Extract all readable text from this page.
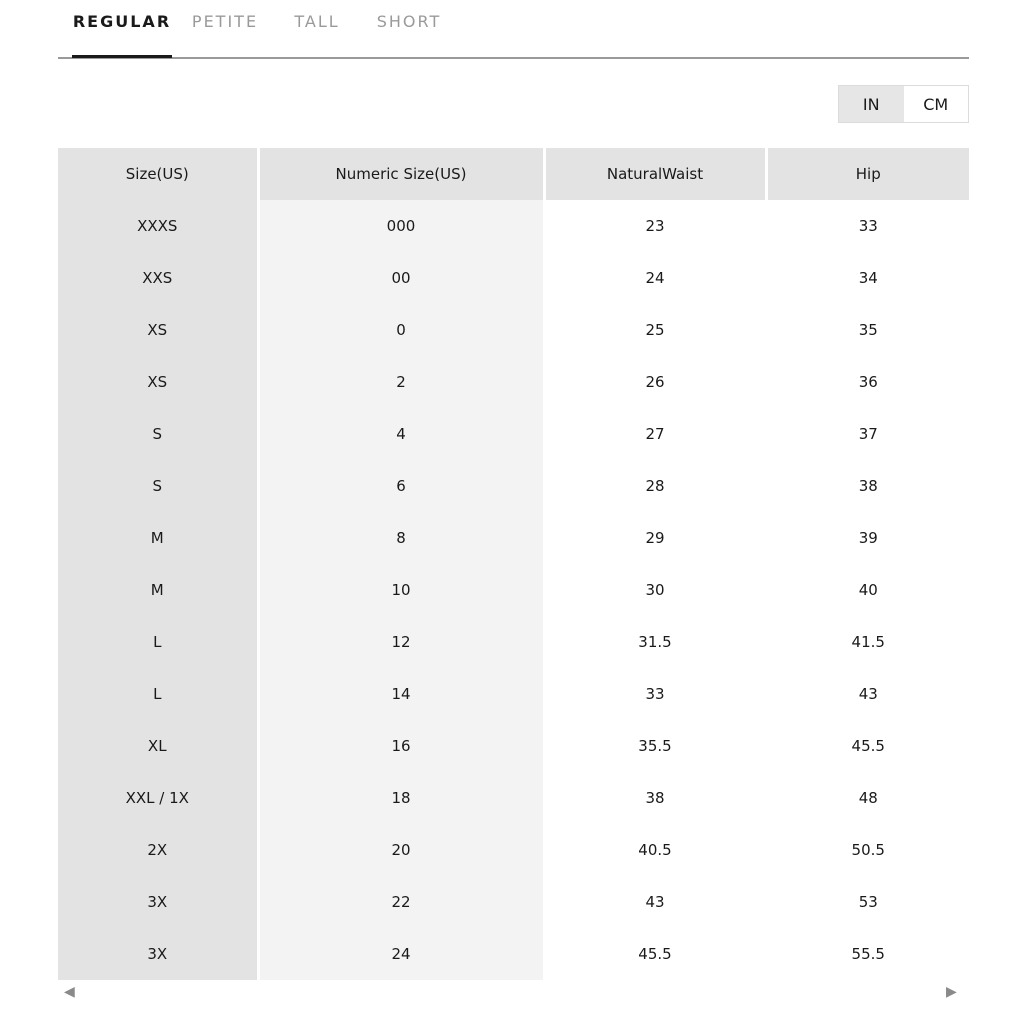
REGULAR PETITE TALL SHORT
IN	CM
Size(US)	Numeric Size(US)	NaturalWaist	Hip
XXXS	000	23	33
XXS	00	24	34
XS	0	25	35
XS	2	26	36
S	4	27	37
S	6	28	38
M	8	29	39
M	10	30	40
L	12	31.5	41.5
L	14	33	43
XL	16	35.5	45.5
XXL / 1X	18	38	48
2X	20	40.5	50.5
3X	22	43	53
3X	24	45.5	55.5
◀	▶
